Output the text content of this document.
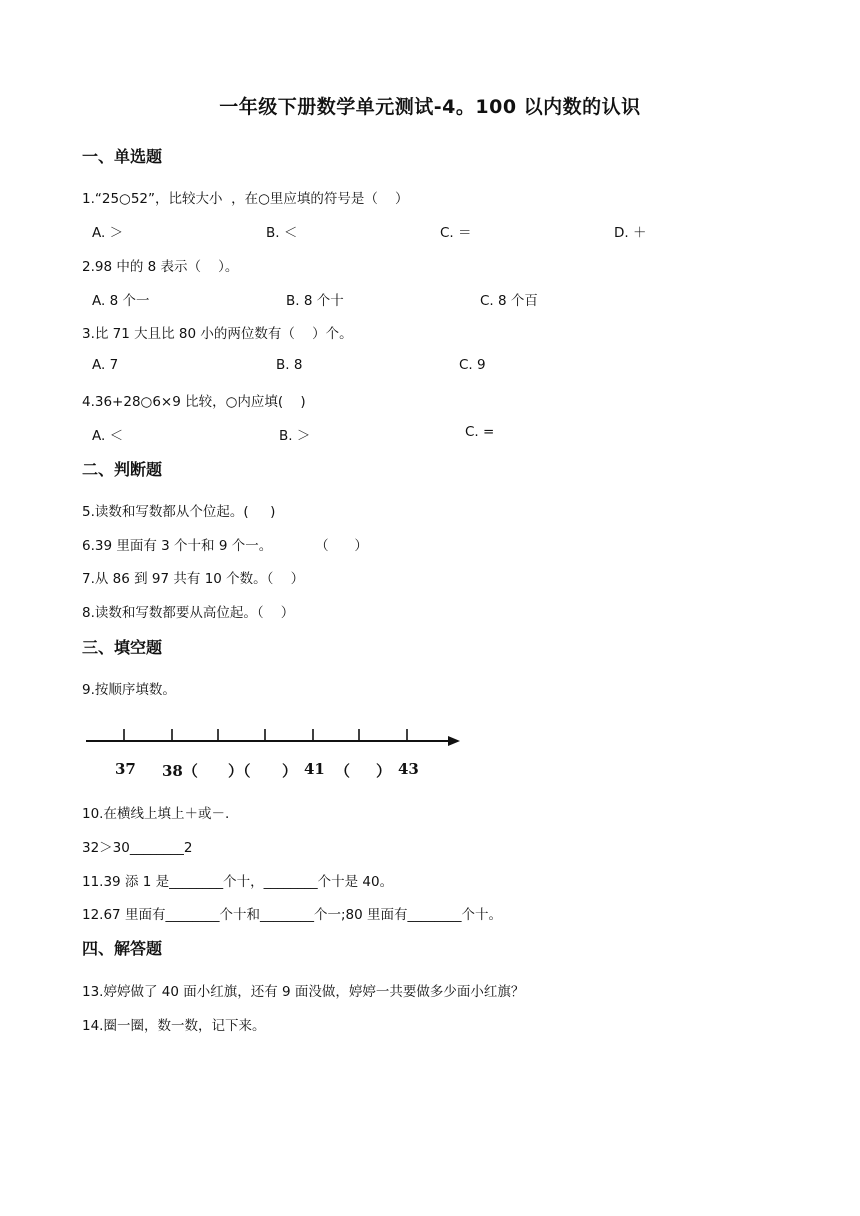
一年级下册数学单元测试-4。100 以内数的认识
一、单选题
1.“25○52”，比较大小  ，在○里应填的符号是（    ）
A. ＞	B. ＜	C. ＝	D. ＋
2.98 中的 8 表示（    ）。
A. 8 个一	B. 8 个十	C. 8 个百
3.比 71 大且比 80 小的两位数有（    ）个。
A. 7	B. 8	C. 9
4.36+28○6×9 比较，○内应填(    )
A. ＜	B. ＞	C. =
二、判断题
5.读数和写数都从个位起。(     )
6.39 里面有 3 个十和 9 个一。          （      ）
7.从 86 到 97 共有 10 个数。（    ）
8.读数和写数都要从高位起。（    ）
三、填空题
9.按顺序填数。
37 38（ ）（ ） 41 （ ） 43
10.在横线上填上＋或－.
32＞30________2
11.39 添 1 是________个十，________个十是 40。
12.67 里面有________个十和________个一;80 里面有________个十。
四、解答题
13.婷婷做了 40 面小红旗，还有 9 面没做，婷婷一共要做多少面小红旗？
14.圈一圈，数一数，记下来。
